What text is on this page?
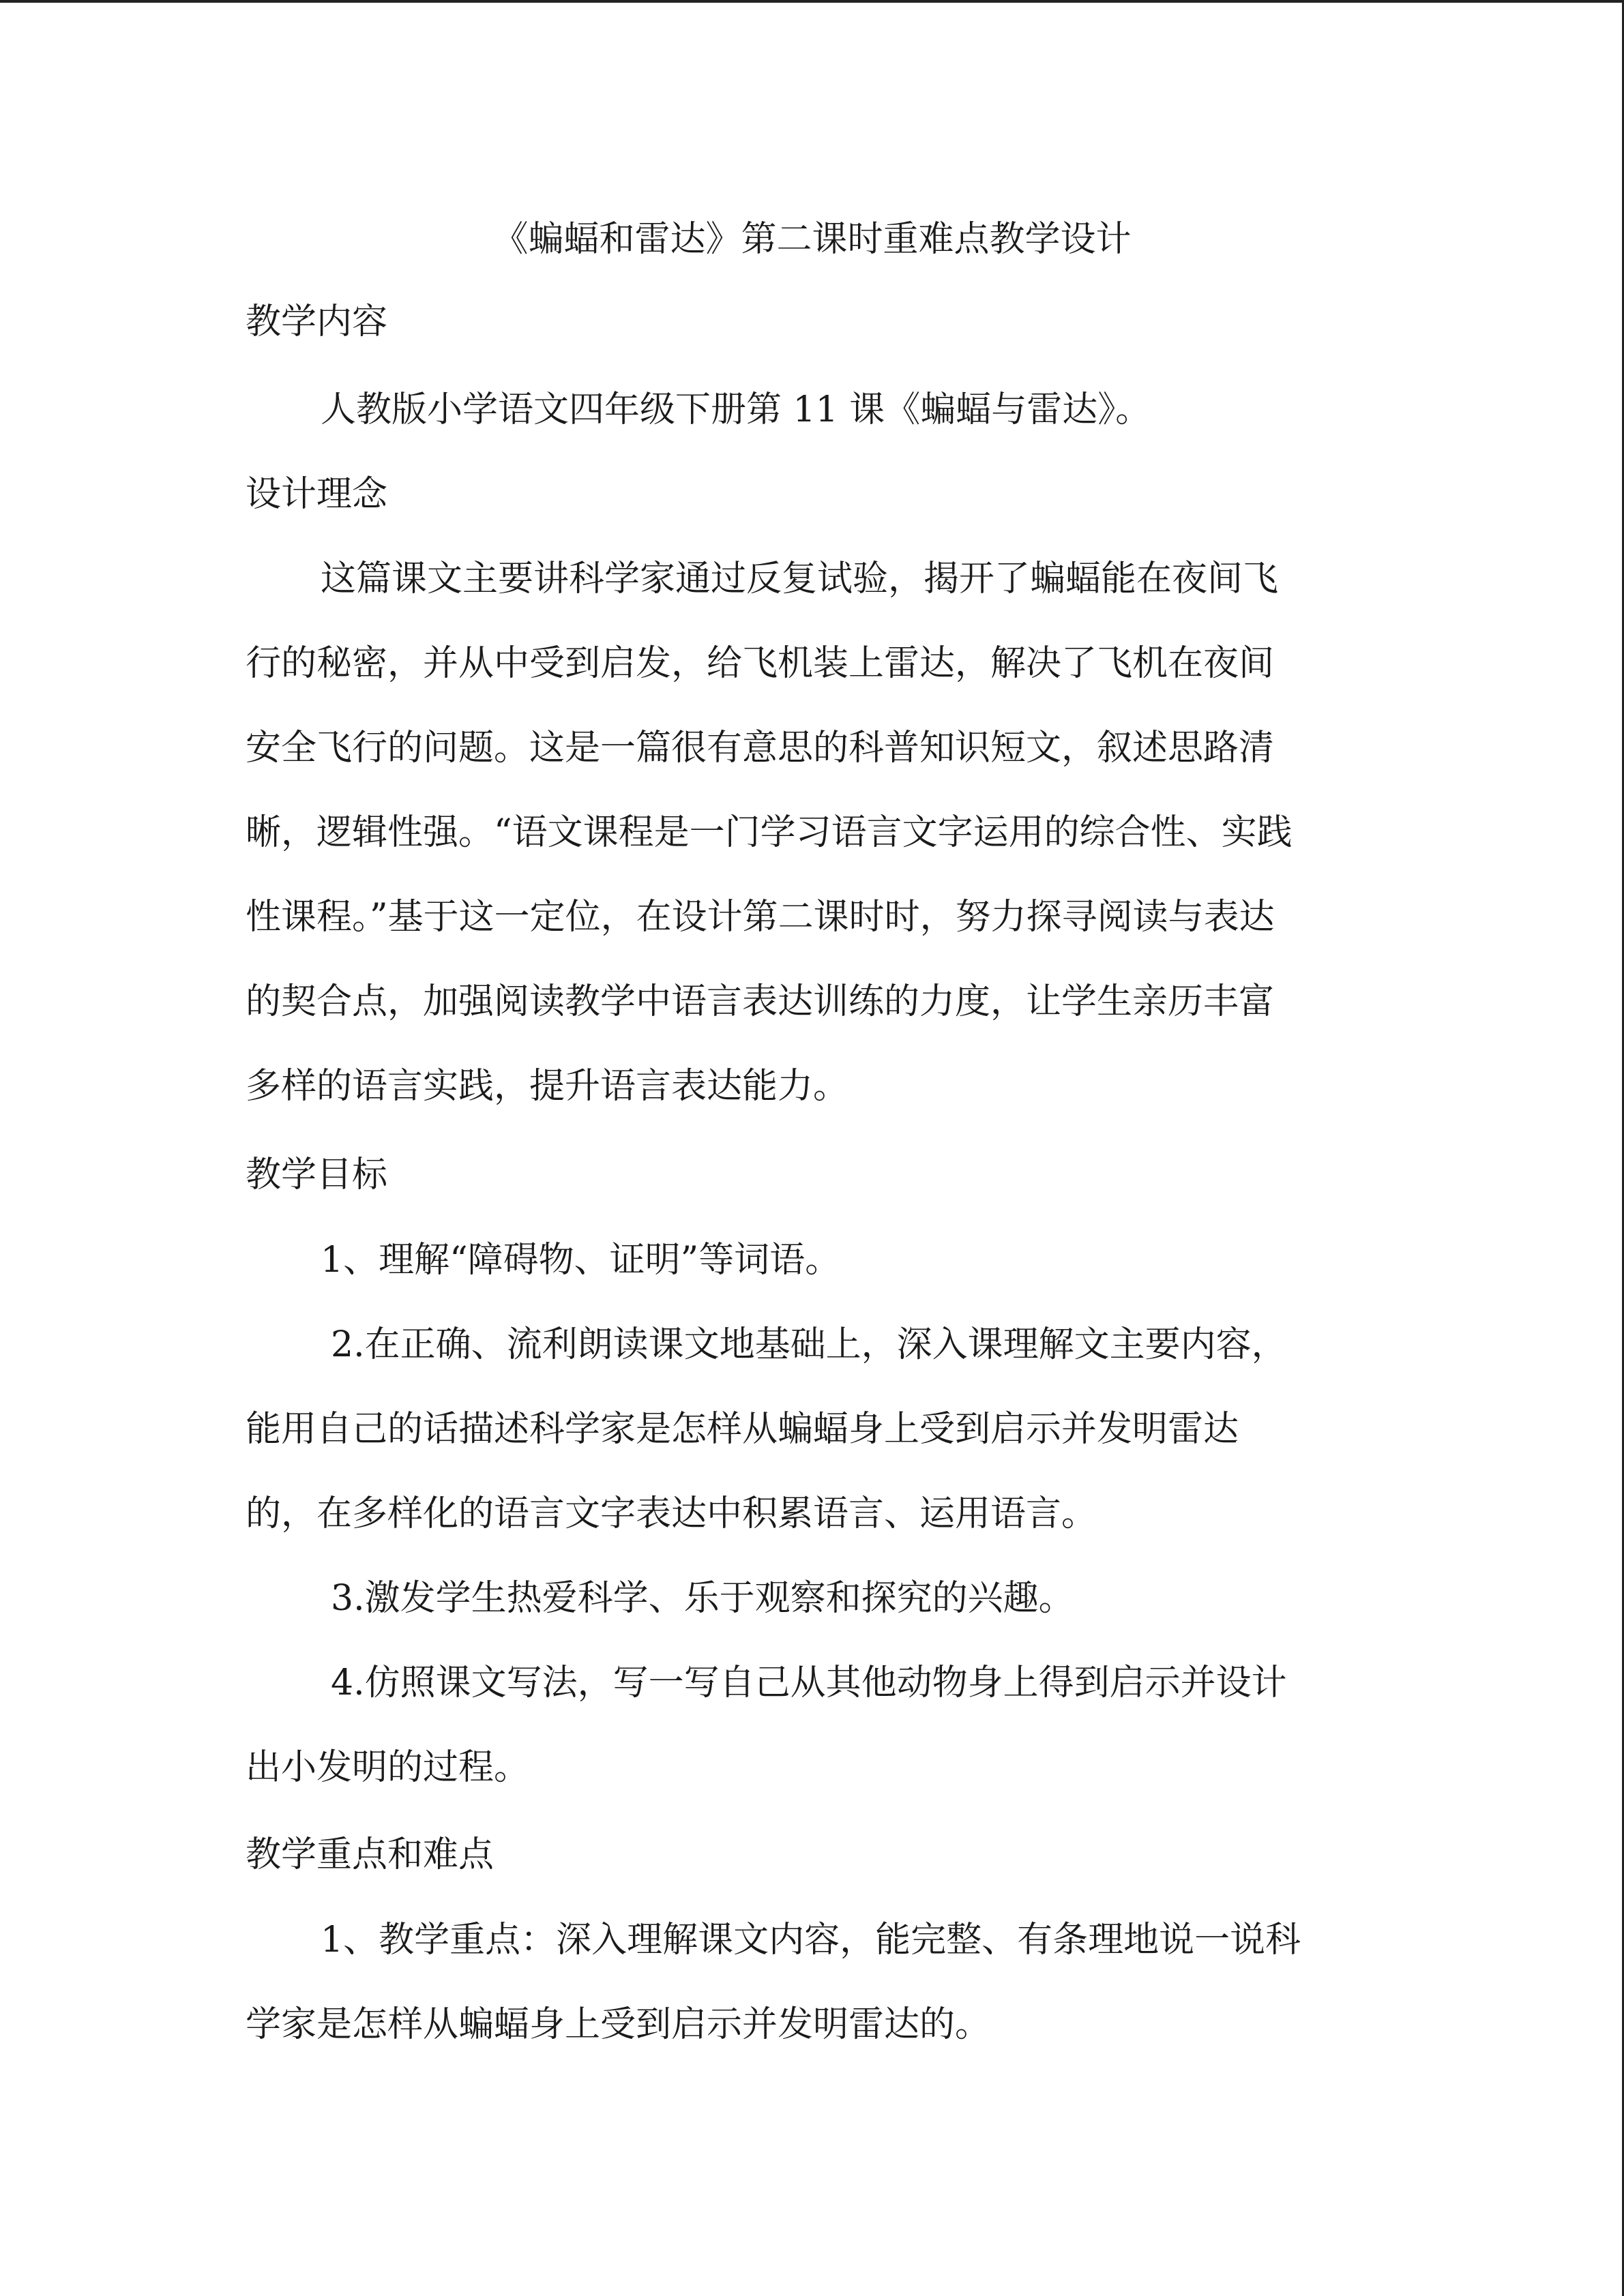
《蝙蝠和雷达》第二课时重难点教学设计
教学内容
人教版小学语文四年级下册第 11 课《蝙蝠与雷达》。
设计理念
这篇课文主要讲科学家通过反复试验，揭开了蝙蝠能在夜间飞
行的秘密，并从中受到启发，给飞机装上雷达，解决了飞机在夜间
安全飞行的问题。这是一篇很有意思的科普知识短文，叙述思路清
晰，逻辑性强。“语文课程是一门学习语言文字运用的综合性、实践
性课程。”基于这一定位，在设计第二课时时，努力探寻阅读与表达
的契合点，加强阅读教学中语言表达训练的力度，让学生亲历丰富
多样的语言实践，提升语言表达能力。
教学目标
1、理解“障碍物、证明”等词语。
2.在正确、流利朗读课文地基础上，深入课理解文主要内容，
能用自己的话描述科学家是怎样从蝙蝠身上受到启示并发明雷达
的，在多样化的语言文字表达中积累语言、运用语言。
3.激发学生热爱科学、乐于观察和探究的兴趣。
4.仿照课文写法，写一写自己从其他动物身上得到启示并设计
出小发明的过程。
教学重点和难点
1、教学重点：深入理解课文内容，能完整、有条理地说一说科
学家是怎样从蝙蝠身上受到启示并发明雷达的。
